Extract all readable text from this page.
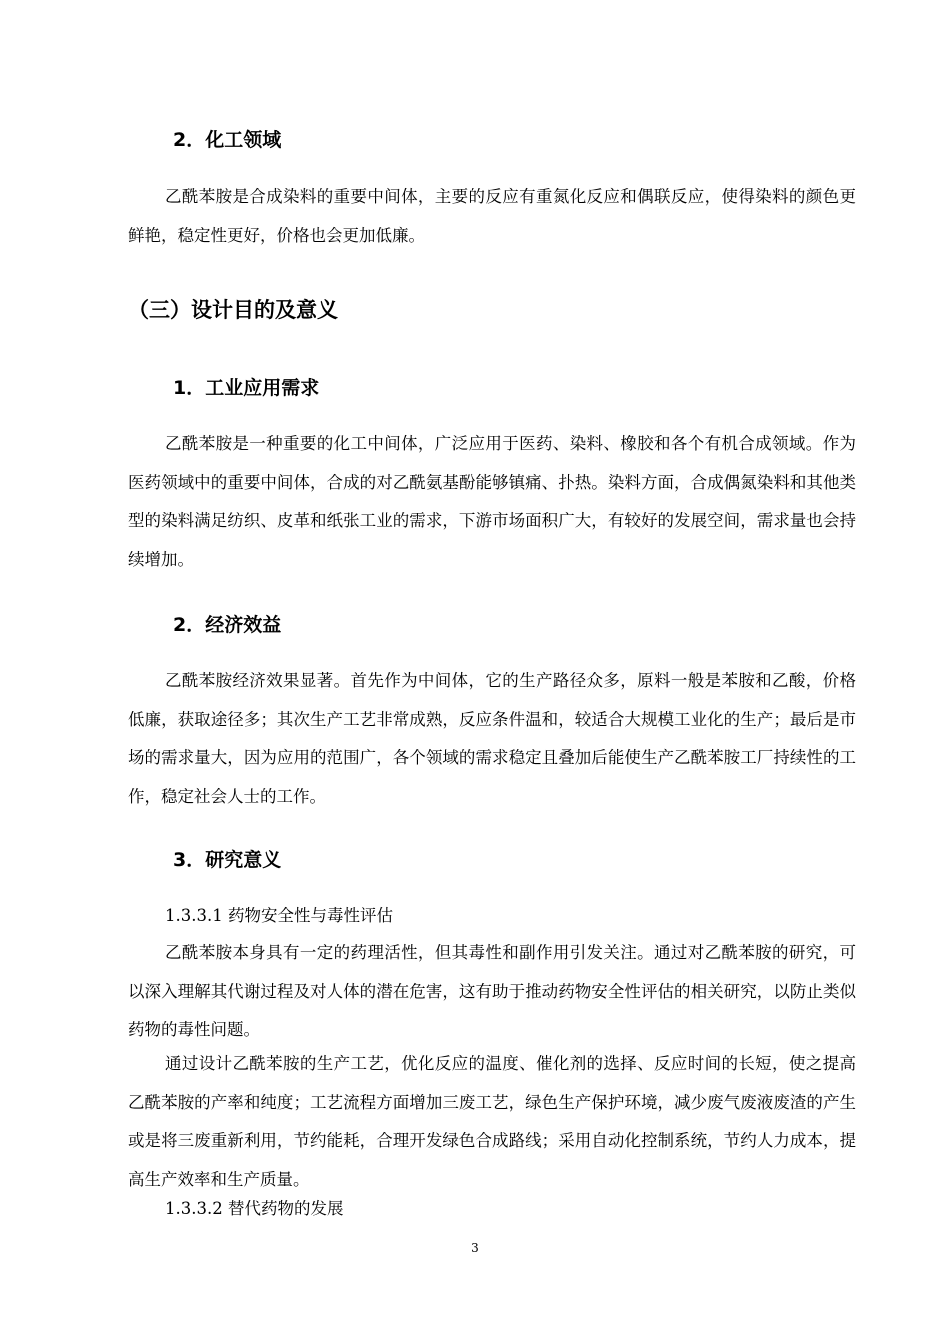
2．化工领域

乙酰苯胺是合成染料的重要中间体，主要的反应有重氮化反应和偶联反应，使得染料的颜色更鲜艳，稳定性更好，价格也会更加低廉。

（三）设计目的及意义
1．工业应用需求

乙酰苯胺是一种重要的化工中间体，广泛应用于医药、染料、橡胶和各个有机合成领域。作为医药领域中的重要中间体，合成的对乙酰氨基酚能够镇痛、扑热。染料方面，合成偶氮染料和其他类型的染料满足纺织、皮革和纸张工业的需求，下游市场面积广大，有较好的发展空间，需求量也会持续增加。

2．经济效益

乙酰苯胺经济效果显著。首先作为中间体，它的生产路径众多，原料一般是苯胺和乙酸，价格低廉，获取途径多；其次生产工艺非常成熟，反应条件温和，较适合大规模工业化的生产；最后是市场的需求量大，因为应用的范围广，各个领域的需求稳定且叠加后能使生产乙酰苯胺工厂持续性的工作，稳定社会人士的工作。

3．研究意义

1.3.3.1 药物安全性与毒性评估

乙酰苯胺本身具有一定的药理活性，但其毒性和副作用引发关注。通过对乙酰苯胺的研究，可以深入理解其代谢过程及对人体的潜在危害，这有助于推动药物安全性评估的相关研究，以防止类似药物的毒性问题。

通过设计乙酰苯胺的生产工艺，优化反应的温度、催化剂的选择、反应时间的长短，使之提高乙酰苯胺的产率和纯度；工艺流程方面增加三废工艺，绿色生产保护环境，减少废气废液废渣的产生或是将三废重新利用，节约能耗，合理开发绿色合成路线；采用自动化控制系统，节约人力成本，提高生产效率和生产质量。

1.3.3.2 替代药物的发展

3
